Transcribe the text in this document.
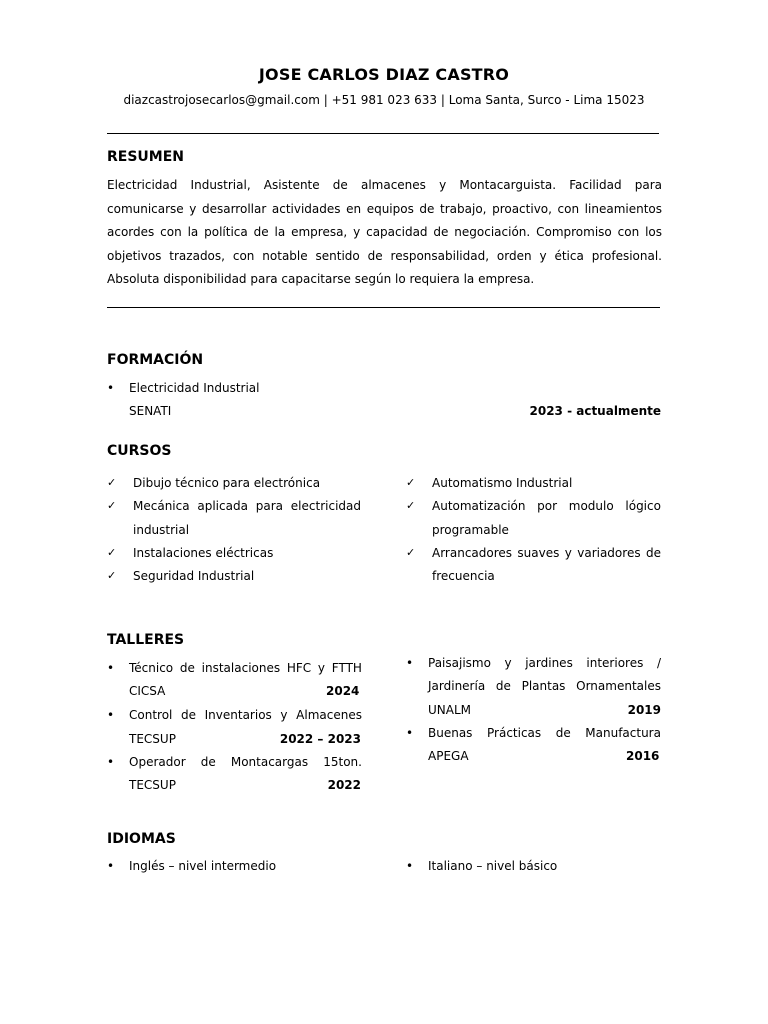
JOSE CARLOS DIAZ CASTRO
diazcastrojosecarlos@gmail.com | +51 981 023 633 | Loma Santa, Surco - Lima 15023
RESUMEN
Electricidad Industrial, Asistente de almacenes y Montacarguista. Facilidad para comunicarse y desarrollar actividades en equipos de trabajo, proactivo, con lineamientos acordes con la política de la empresa, y capacidad de negociación. Compromiso con los objetivos trazados, con notable sentido de responsabilidad, orden y ética profesional. Absoluta disponibilidad para capacitarse según lo requiera la empresa.
FORMACIÓN
• Electricidad Industrial
SENATI	2023 - actualmente
CURSOS
✓ Dibujo técnico para electrónica
✓ Mecánica aplicada para electricidad
industrial
✓ Instalaciones eléctricas
✓ Seguridad Industrial
✓ Automatismo Industrial
✓ Automatización por modulo lógico
programable
✓ Arrancadores suaves y variadores de
frecuencia
TALLERES
• Técnico de instalaciones HFC y FTTH
CICSA	2024
• Control de Inventarios y Almacenes
TECSUP	2022 – 2023
• Operador de Montacargas 15ton.
TECSUP	2022
• Paisajismo y jardines interiores /
Jardinería de Plantas Ornamentales
UNALM	2019
• Buenas Prácticas de Manufactura
APEGA	2016
IDIOMAS
• Inglés – nivel intermedio	• Italiano – nivel básico
